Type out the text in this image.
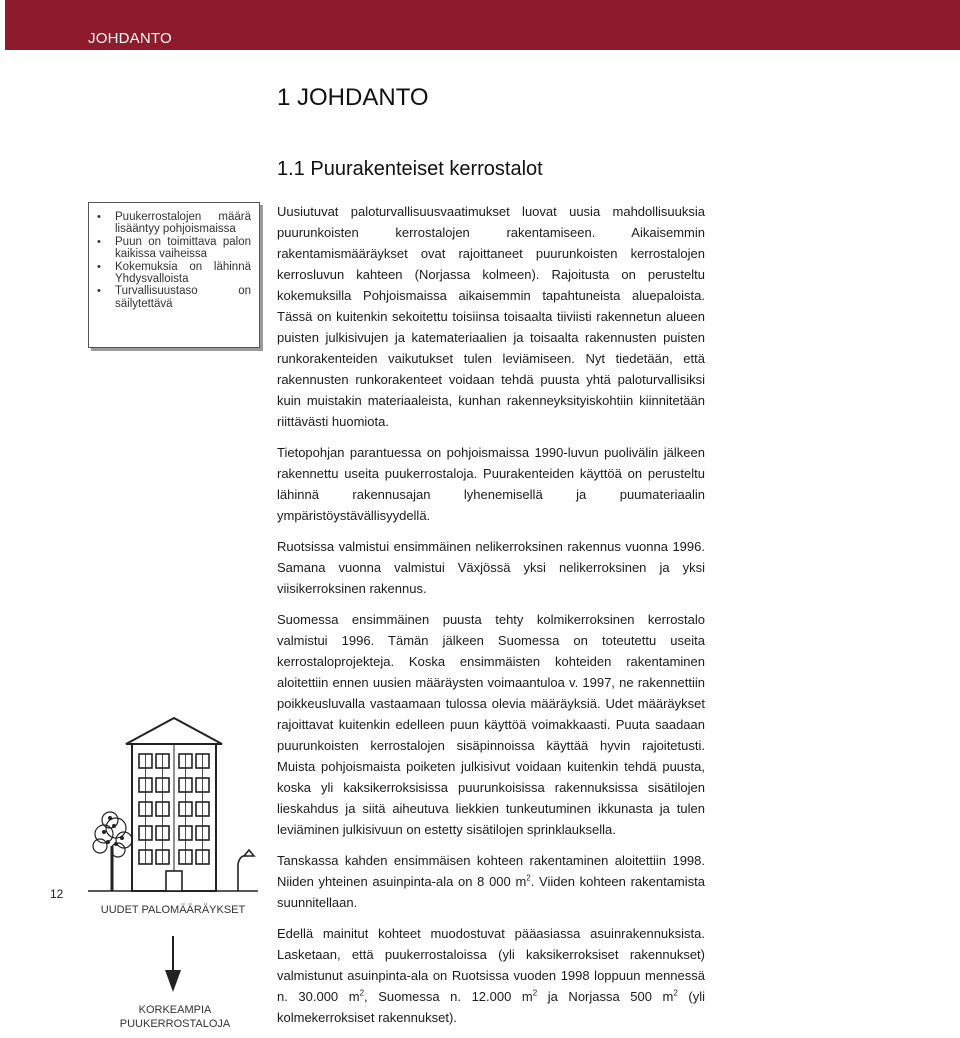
JOHDANTO
1 JOHDANTO
1.1 Puurakenteiset kerrostalot
• Puukerrostalojen määrä lisääntyy pohjoismaissa
• Puun on toimittava palon kaikissa vaiheissa
• Kokemuksia on lähinnä Yhdysvalloista
• Turvallisuustaso on säilytettävä

Uusiutuvat paloturvallisuusvaatimukset luovat uusia mahdollisuuksia puurunkoisten kerrostalojen rakentamiseen. Aikaisemmin rakentamismääräykset ovat rajoittaneet puurunkoisten kerrostalojen kerrosluvun kahteen (Norjassa kolmeen). Rajoitusta on perusteltu kokemuksilla Pohjoismaissa aikaisemmin tapahtuneista aluepaloista. Tässä on kuitenkin sekoitettu toisiinsa toisaalta tiiviisti rakennetun alueen puisten julkisivujen ja katemateriaalien ja toisaalta rakennusten puisten runkorakenteiden vaikutukset tulen leviämiseen. Nyt tiedetään, että rakennusten runkorakenteet voidaan tehdä puusta yhtä paloturvallisiksi kuin muistakin materiaaleista, kunhan rakenneyksityiskohtiin kiinnitetään riittävästi huomiota.

Tietopohjan parantuessa on pohjoismaissa 1990-luvun puolivälin jälkeen rakennettu useita puukerrostaloja. Puurakenteiden käyttöä on perusteltu lähinnä rakennusajan lyhenemisellä ja puumateriaalin ympäristöystävällisyydellä.

Ruotsissa valmistui ensimmäinen nelikerroksinen rakennus vuonna 1996. Samana vuonna valmistui Växjössä yksi nelikerroksinen ja yksi viisikerroksinen rakennus.

Suomessa ensimmäinen puusta tehty kolmikerroksinen kerrostalo valmistui 1996. Tämän jälkeen Suomessa on toteutettu useita kerrostaloprojekteja. Koska ensimmäisten kohteiden rakentaminen aloitettiin ennen uusien määräysten voimaantuloa v. 1997, ne rakennettiin poikkeusluvalla vastaamaan tulossa olevia määräyksiä. Udet määräykset rajoittavat kuitenkin edelleen puun käyttöä voimakkaasti. Puuta saadaan puurunkoisten kerrostalojen sisäpinnoissa käyttää hyvin rajoitetusti. Muista pohjoismaista poiketen julkisivut voidaan kuitenkin tehdä puusta, koska yli kaksikerroksisissa puurunkoisissa rakennuksissa sisätilojen lieskahdus ja siitä aiheutuva liekkien tunkeutuminen ikkunasta ja tulen leviäminen julkisivuun on estetty sisätilojen sprinklauksella.

Tanskassa kahden ensimmäisen kohteen rakentaminen aloitettiin 1998. Niiden yhteinen asuinpinta-ala on 8 000 $m^2$. Viiden kohteen rakentamista suunnitellaan.

Edellä mainitut kohteet muodostuvat pääasiassa asuinrakennuksista. Lasketaan, että puukerrostaloissa (yli kaksikerroksiset rakennukset) valmistunut asuinpinta-ala on Ruotsissa vuoden 1998 loppuun mennessä n. 30.000 $m^2$, Suomessa n. 12.000 $m^2$ ja Norjassa 500 $m^2$ (yli kolmekerroksiset rakennukset).

12
UUDET PALOMÄÄRÄYKSET
KORKEAMPIA PUUKERROSTALOJA
